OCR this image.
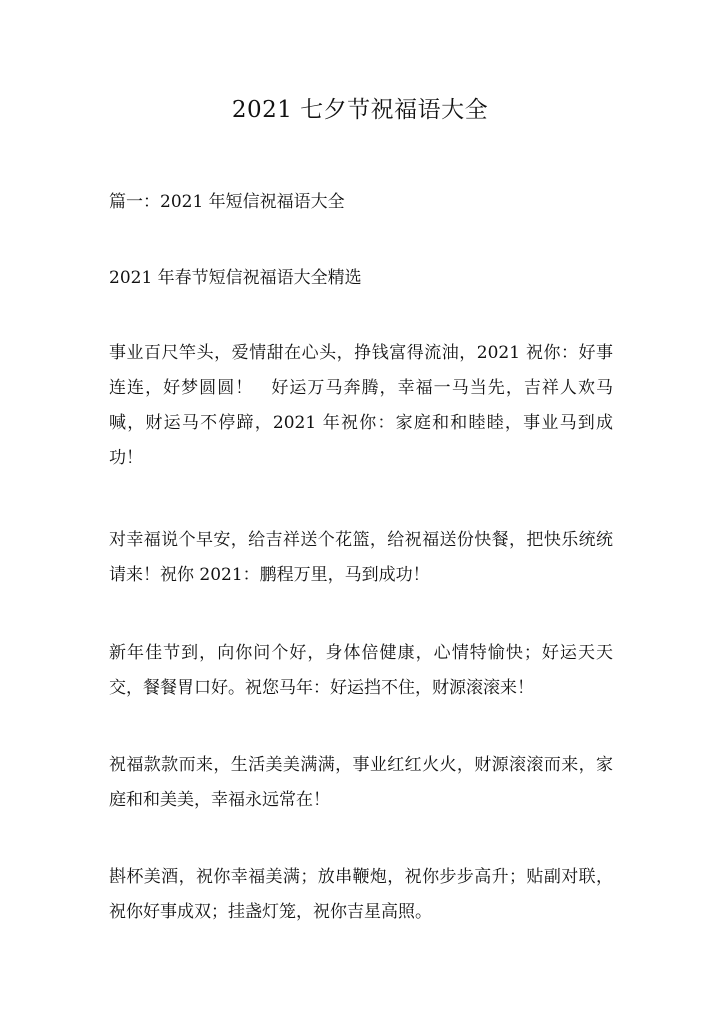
2021 七夕节祝福语大全
篇一：2021 年短信祝福语大全
2021 年春节短信祝福语大全精选
事业百尺竿头，爱情甜在心头，挣钱富得流油，2021 祝你：好事连连，好梦圆圆！　好运万马奔腾，幸福一马当先，吉祥人欢马喊，财运马不停蹄，2021 年祝你：家庭和和睦睦，事业马到成功！
对幸福说个早安，给吉祥送个花篮，给祝福送份快餐，把快乐统统请来！祝你 2021：鹏程万里，马到成功！
新年佳节到，向你问个好，身体倍健康，心情特愉快；好运天天交，餐餐胃口好。祝您马年：好运挡不住，财源滚滚来！
祝福款款而来，生活美美满满，事业红红火火，财源滚滚而来，家庭和和美美，幸福永远常在！
斟杯美酒，祝你幸福美满；放串鞭炮，祝你步步高升；贴副对联，祝你好事成双；挂盏灯笼，祝你吉星高照。
